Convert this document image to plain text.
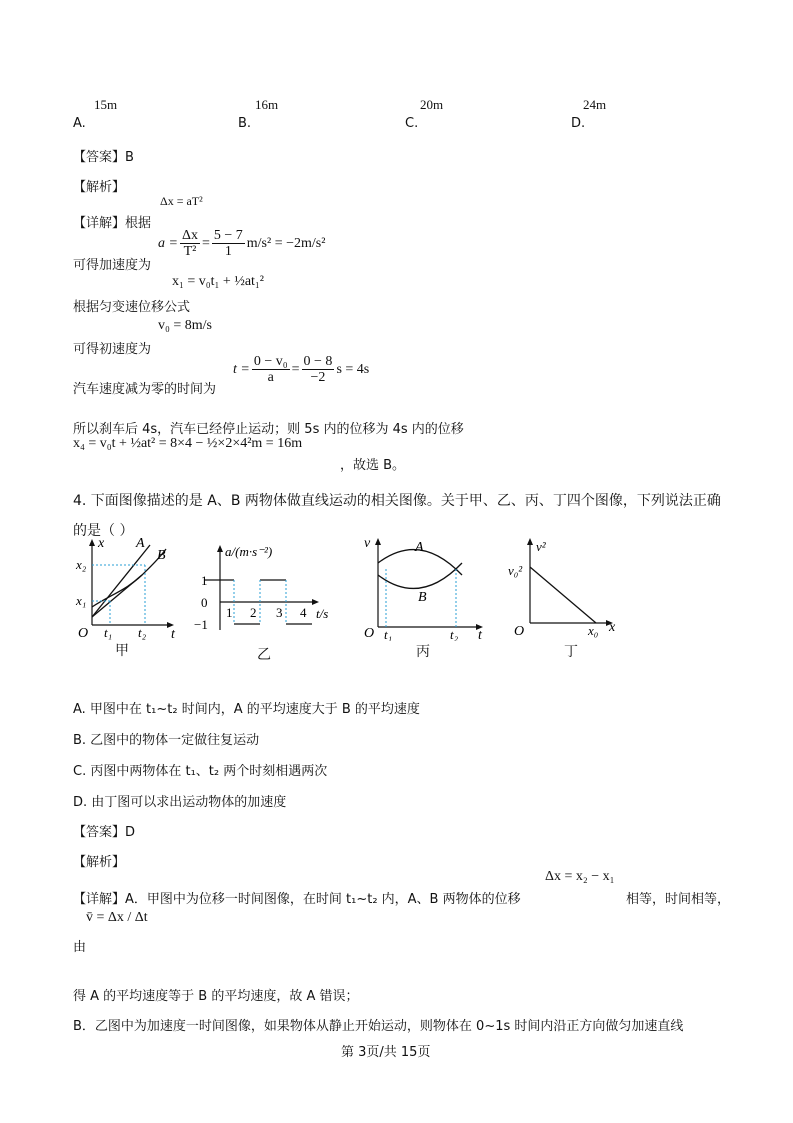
15m
A.
16m
B.
20m
C.
24m
D.
【答案】B
【解析】
Δx = aT²
【详解】根据
$a = \frac{\Delta x}{\text{T²}} = \frac{5 - 7}{1} m/s^2 = -2m/s^2$
可得加速度为
x₁ = v₀t₁ + ½at₁²
根据匀变速位移公式
v₀ = 8m/s
可得初速度为
$t = \frac{\text{0 − v₀}}{a} = \frac{0 - 8}{-2}$ s = 4s
汽车速度减为零的时间为
所以刹车后 4s，汽车已经停止运动；则 5s 内的位移为 4s 内的位移
x₄ = v₀t + ½at² = 8×4 − ½×2×4²m = 16m
，故选 B。
4. 下面图像描述的是 A、B 两物体做直线运动的相关图像。关于甲、乙、丙、丁四个图像，下列说法正确
的是（ ）
x
t
A
B
x₂
x₁
O t₁ t₂
a/(m·s⁻²)
t/s
1
0
−1
1 2 3 4
v
t
A
B
O t₁	t₂
v²
x
v₀²
x₀
O
甲	乙	丙	丁
A. 甲图中在 t₁~t₂ 时间内，A 的平均速度大于 B 的平均速度
B. 乙图中的物体一定做往复运动
C. 丙图中两物体在 t₁、t₂ 两个时刻相遇两次
D. 由丁图可以求出运动物体的加速度
【答案】D
【解析】
Δx = x₂ − x₁
【详解】A．甲图中为位移一时间图像，在时间 t₁~t₂ 内，A、B 两物体的位移	相等，时间相等，
v̄ = Δx / Δt
由
得 A 的平均速度等于 B 的平均速度，故 A 错误；
B．乙图中为加速度一时间图像，如果物体从静止开始运动，则物体在 0~1s 时间内沿正方向做匀加速直线
第 3页/共 15页
